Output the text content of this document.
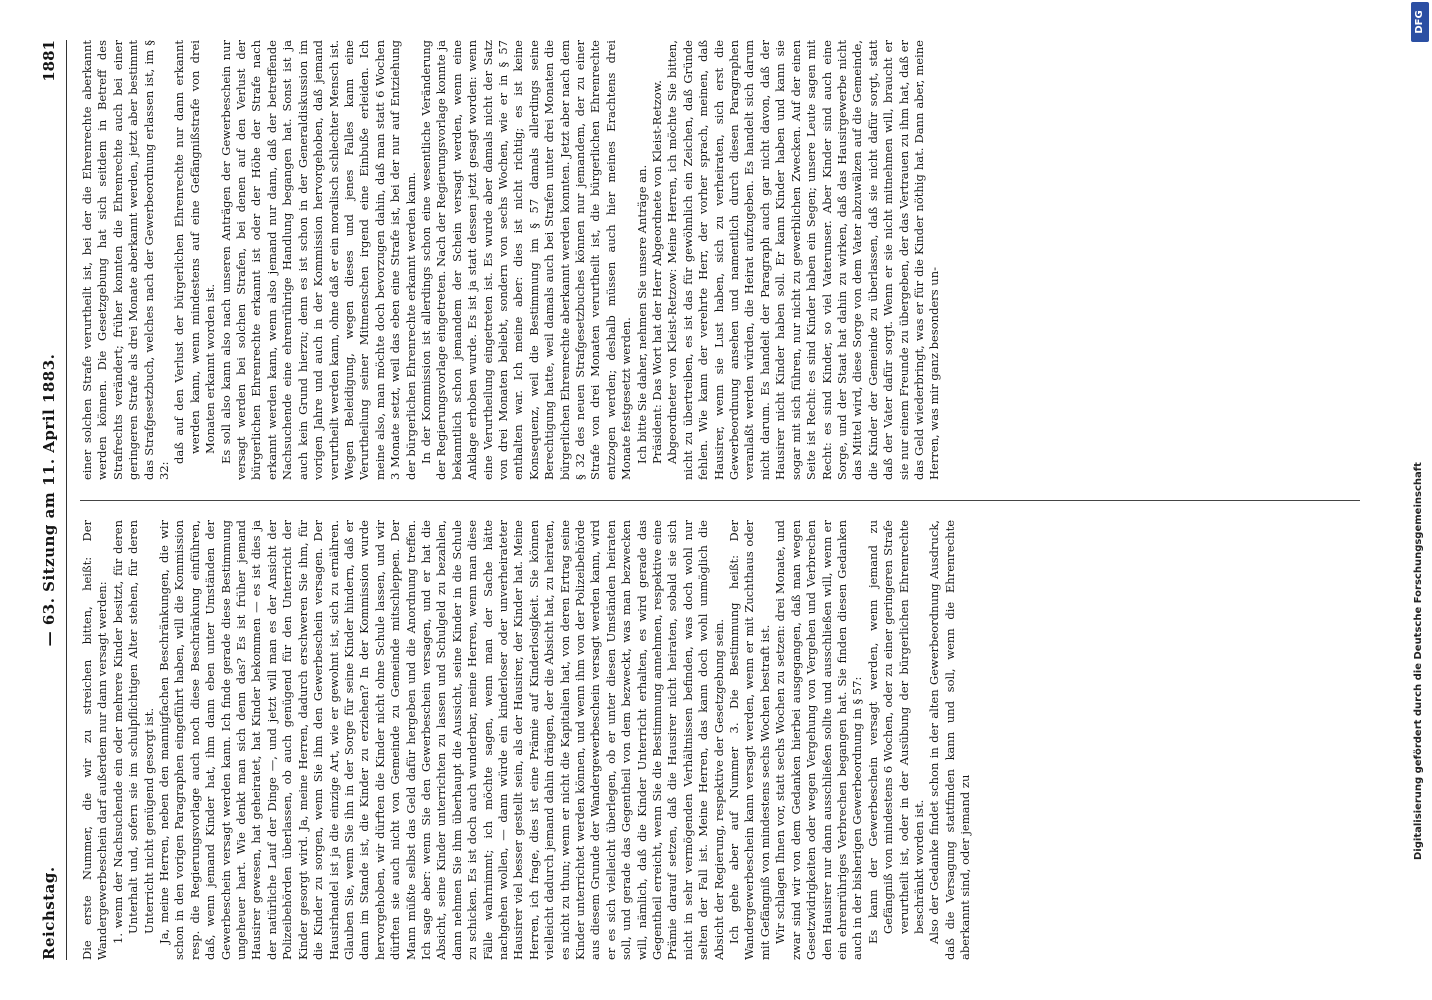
Reichstag.
— 63. Sitzung am 11. April 1883.
1881

Die erste Nummer, die wir zu streichen bitten, heißt: Der Wandergewerbeschein darf außerdem nur dann versagt werden: 1. wenn der Nachsuchende ein oder mehrere Kinder besitzt, für deren Unterhalt und, sofern sie im schulpflichtigen Alter stehen, für deren Unterricht nicht genügend gesorgt ist. Ja, meine Herren, neben den mannigfachen Beschränkungen, die wir schon in den vorigen Paragraphen eingeführt haben, will die Kommission resp. die Regierungsvorlage auch noch diese Beschränkung einführen, daß, wenn jemand Kinder hat, ihm dann eben unter Umständen der Gewerbeschein versagt werden kann. Ich finde gerade diese Bestimmung ungeheuer hart. Wie denkt man sich denn das? Es ist früher jemand Hausirer gewesen, hat geheiratet, hat Kinder bekommen — es ist dies ja der natürliche Lauf der Dinge —, und jetzt will man es der Ansicht der Polizeibehörden überlassen, ob auch genügend für den Unterricht der Kinder gesorgt wird. Ja, meine Herren, dadurch erschweren Sie ihm, für die Kinder zu sorgen, wenn Sie ihm den Gewerbeschein versagen. Der Hausirhandel ist ja die einzige Art, wie er gewohnt ist, sich zu ernähren. Glauben Sie, wenn Sie ihn in der Sorge für seine Kinder hindern, daß er dann im Stande ist, die Kinder zu erziehen? In der Kommission wurde hervorgehoben, wir dürften die Kinder nicht ohne Schule lassen, und wir dürften sie auch nicht von Gemeinde zu Gemeinde mitschleppen. Der Mann müßte selbst das Geld dafür hergeben und die Anordnung treffen. Ich sage aber: wenn Sie den Gewerbeschein versagen, und er hat die Absicht, seine Kinder unterrichten zu lassen und Schulgeld zu bezahlen, dann nehmen Sie ihm überhaupt die Aussicht, seine Kinder in die Schule zu schicken. Es ist doch auch wunderbar, meine Herren, wenn man diese Fälle wahrnimmt; ich möchte sagen, wenn man der Sache hätte nachgehen wollen, — dann würde ein kinderloser oder unverheirateter Hausirer viel besser gestellt sein, als der Hausirer, der Kinder hat. Meine Herren, ich frage, dies ist eine Prämie auf Kinderlosigkeit. Sie können vielleicht dadurch jemand dahin drängen, der die Absicht hat, zu heiraten, es nicht zu thun; wenn er nicht die Kapitalien hat, von deren Ertrag seine Kinder unterrichtet werden können, und wenn ihm von der Polizeibehörde aus diesem Grunde der Wandergewerbeschein versagt werden kann, wird er es sich vielleicht überlegen, ob er unter diesen Umständen heiraten soll, und gerade das Gegentheil von dem bezweckt, was man bezwecken will, nämlich, daß die Kinder Unterricht erhalten, es wird gerade das Gegentheil erreicht, wenn Sie die Bestimmung annehmen, respektive eine Prämie darauf setzen, daß die Hausirer nicht heiraten, sobald sie sich nicht in sehr vermögenden Verhältnissen befinden, was doch wohl nur selten der Fall ist. Meine Herren, das kann doch wohl unmöglich die Absicht der Regierung, respektive der Gesetzgebung sein. Ich gehe aber auf Nummer 3. Die Bestimmung heißt: Der Wandergewerbeschein kann versagt werden, wenn er mit Zuchthaus oder mit Gefängniß von mindestens sechs Wochen bestraft ist. Wir schlagen Ihnen vor, statt sechs Wochen zu setzen: drei Monate, und zwar sind wir von dem Gedanken hierbei ausgegangen, daß man wegen Gesetzwidrigkeiten oder wegen Vergehung von Vergehen und Verbrechen den Hausirer nur dann ausschließen sollte und ausschließen will, wenn er ein ehrenrühriges Verbrechen begangen hat. Sie finden diesen Gedanken auch in der bisherigen Gewerbeordnung in § 57: Es kann der Gewerbeschein versagt werden, wenn jemand zu Gefängniß von mindestens 6 Wochen, oder zu einer geringeren Strafe verurtheilt ist, oder in der Ausübung der bürgerlichen Ehrenrechte beschränkt worden ist. Also der Gedanke findet schon in der alten Gewerbeordnung Ausdruck, daß die Versagung stattfinden kann und soll, wenn die Ehrenrechte aberkannt sind, oder jemand zu

einer solchen Strafe verurtheilt ist, bei der die Ehrenrechte aberkannt werden können. Die Gesetzgebung hat sich seitdem in Betreff des Strafrechts verändert; früher konnten die Ehrenrechte auch bei einer geringeren Strafe als drei Monate aberkannt werden, jetzt aber bestimmt das Strafgesetzbuch, welches nach der Gewerbeordnung erlassen ist, im § 32:

daß auf den Verlust der bürgerlichen Ehrenrechte nur dann erkannt werden kann, wenn mindestens auf eine Gefängnißstrafe von drei Monaten erkannt worden ist. Es soll also kann also nach unseren Anträgen der Gewerbeschein nur versagt werden bei solchen Strafen, bei denen auf den Verlust der bürgerlichen Ehrenrechte erkannt ist oder der Höhe der Strafe nach erkannt werden kann, wenn also jemand nur dann, daß der betreffende Nachsuchende eine ehrenrührige Handlung begangen hat. Sonst ist ja auch kein Grund hierzu; denn es ist schon in der Generaldiskussion im vorigen Jahre und auch in der Kommission hervorgehoben, daß jemand verurtheilt werden kann, ohne daß er ein moralisch schlechter Mensch ist. Wegen Beleidigung, wegen dieses und jenes Falles kann eine Verurtheilung seiner Mitmenschen irgend eine Einbuße erleiden. Ich meine also, man möchte doch bevorzugen dahin, daß man statt 6 Wochen 3 Monate setzt, weil das eben eine Strafe ist, bei der nur auf Entziehung der bürgerlichen Ehrenrechte erkannt werden kann. In der Kommission ist allerdings schon eine wesentliche Veränderung der Regierungsvorlage eingetreten. Nach der Regierungsvorlage konnte ja bekanntlich schon jemandem der Schein versagt werden, wenn eine Anklage erhoben wurde. Es ist ja statt dessen jetzt gesagt worden: wenn eine Verurtheilung eingetreten ist. Es wurde aber damals nicht der Satz von drei Monaten beliebt, sondern von sechs Wochen, wie er in § 57 enthalten war. Ich meine aber: dies ist nicht richtig; es ist keine Konsequenz, weil die Bestimmung im § 57 damals allerdings seine Berechtigung hatte, weil damals auch bei Strafen unter drei Monaten die bürgerlichen Ehrenrechte aberkannt werden konnten. Jetzt aber nach dem § 32 des neuen Strafgesetzbuches können nur jemandem, der zu einer Strafe von drei Monaten verurtheilt ist, die bürgerlichen Ehrenrechte entzogen werden; deshalb müssen auch hier meines Erachtens drei Monate festgesetzt werden. Ich bitte Sie daher, nehmen Sie unsere Anträge an. Präsident: Das Wort hat der Herr Abgeordnete von Kleist-Retzow. Abgeordneter von Kleist-Retzow: Meine Herren, ich möchte Sie bitten, nicht zu übertreiben, es ist das für gewöhnlich ein Zeichen, daß Gründe fehlen. Wie kann der verehrte Herr, der vorher sprach, meinen, daß Hausirer, wenn sie Lust haben, sich zu verheiraten, sich erst die Gewerbeordnung ansehen und namentlich durch diesen Paragraphen veranlaßt werden würden, die Heirat aufzugeben. Es handelt sich darum nicht darum. Es handelt der Paragraph auch gar nicht davon, daß der Hausirer nicht Kinder haben soll. Er kann Kinder haben und kann sie sogar mit sich führen, nur nicht zu gewerblichen Zwecken. Auf der einen Seite ist Recht: es sind Kinder haben ein Segen; unsere Leute sagen mit Recht: es sind Kinder, so viel Vaterunser. Aber Kinder sind auch eine Sorge, und der Staat hat dahin zu wirken, daß das Hausirgewerbe nicht das Mittel wird, diese Sorge von dem Vater abzuwälzen auf die Gemeinde, die Kinder der Gemeinde zu überlassen, daß sie nicht dafür sorgt, statt daß der Vater dafür sorgt. Wenn er sie nicht mitnehmen will, braucht er sie nur einem Freunde zu übergeben, der das Vertrauen zu ihm hat, daß er das Geld wiederbringt, was er für die Kinder nöthig hat. Dann aber, meine Herren, was mir ganz besonders un-

DFG
Digitalisierung gefördert durch die Deutsche Forschungsgemeinschaft
